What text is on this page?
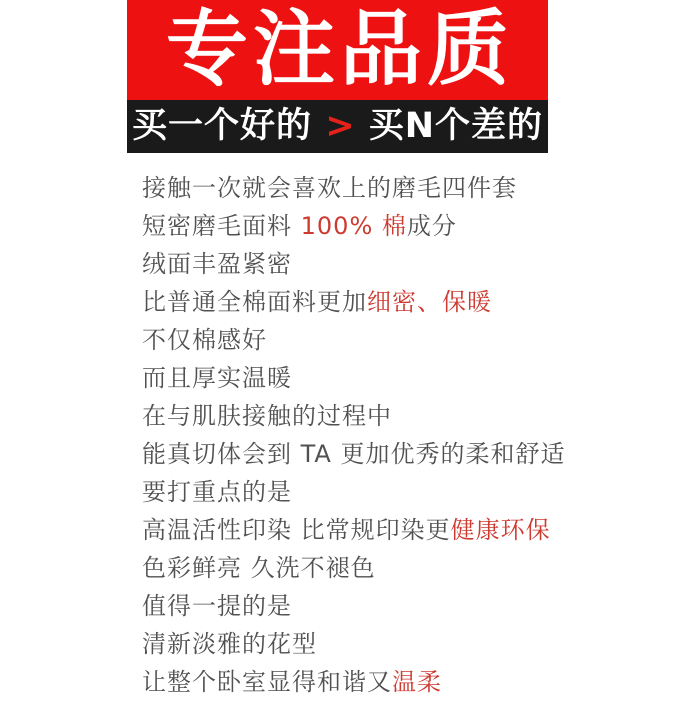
专注品质
买一个好的 > 买N个差的
接触一次就会喜欢上的磨毛四件套
短密磨毛面料 100% 棉成分
绒面丰盈紧密
比普通全棉面料更加细密、保暖
不仅棉感好
而且厚实温暖
在与肌肤接触的过程中
能真切体会到 TA 更加优秀的柔和舒适
要打重点的是
高温活性印染 比常规印染更健康环保
色彩鲜亮 久洗不褪色
值得一提的是
清新淡雅的花型
让整个卧室显得和谐又温柔
